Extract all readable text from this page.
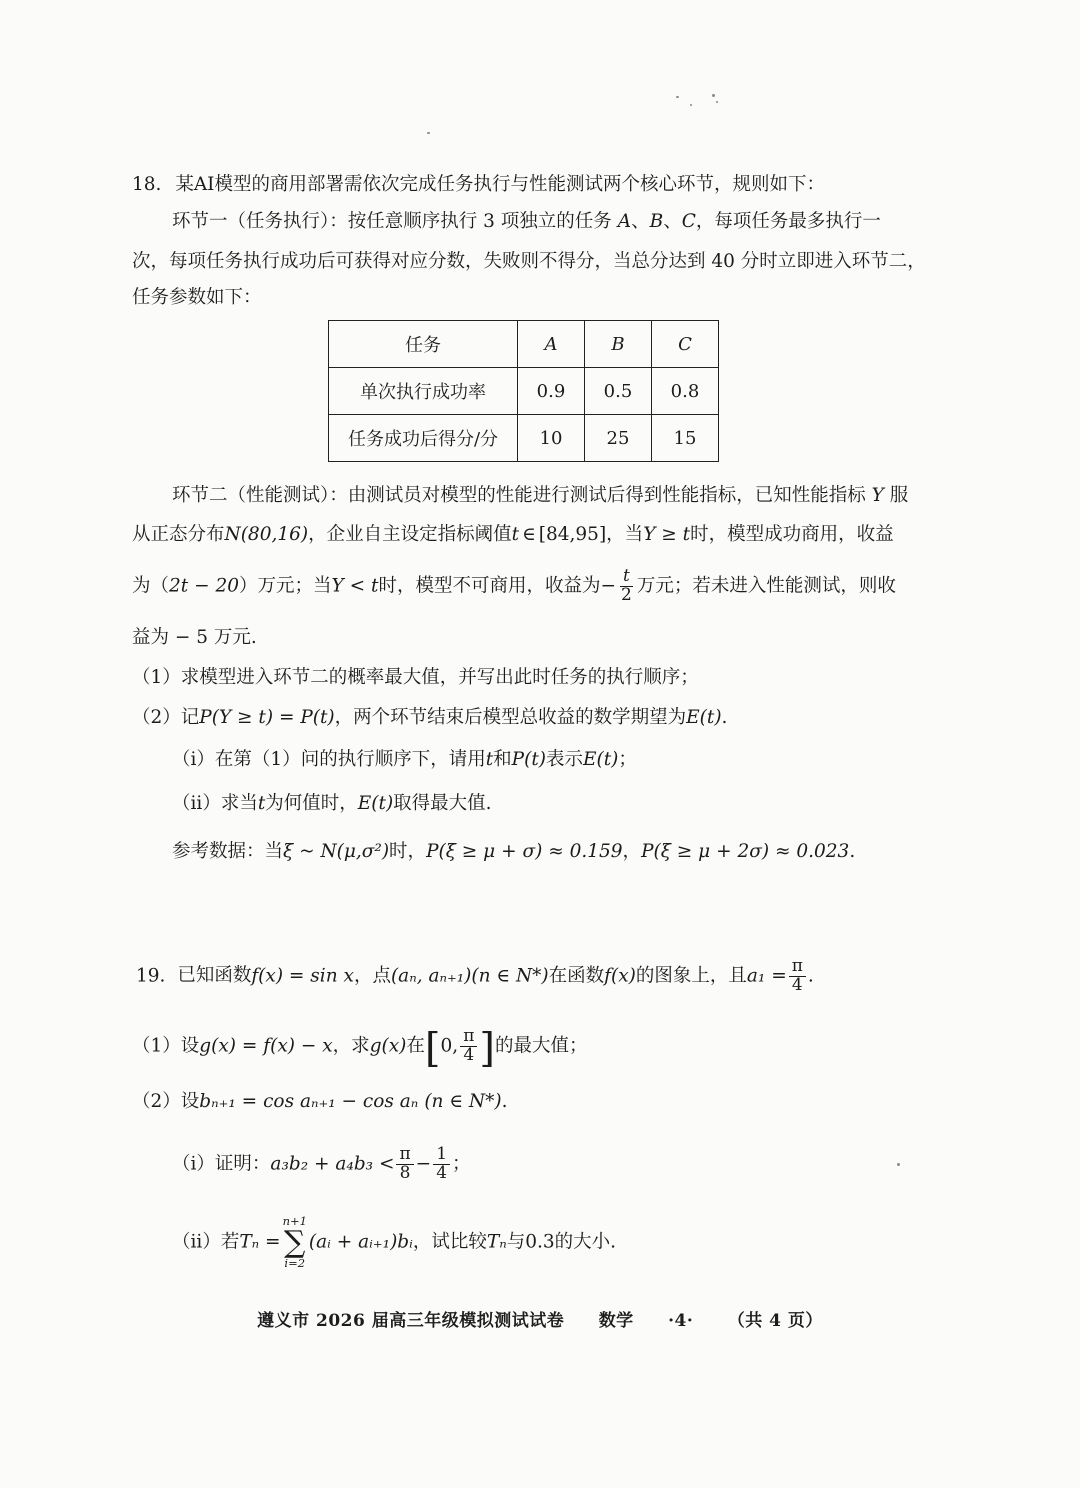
18. 某AI模型的商用部署需依次完成任务执行与性能测试两个核心环节，规则如下：
环节一（任务执行）：按任意顺序执行 3 项独立的任务 A、B、C，每项任务最多执行一
次，每项任务执行成功后可获得对应分数，失败则不得分，当总分达到 40 分时立即进入环节二，
任务参数如下：
任务	A	B	C
单次执行成功率	0.9	0.5	0.8
任务成功后得分/分	10	25	15
环节二（性能测试）：由测试员对模型的性能进行测试后得到性能指标，已知性能指标 Y 服
从正态分布N(80,16)，企业自主设定指标阈值t ∈ [84,95]，当Y ≥ t时，模型成功商用，收益
为（2t − 20）万元；当Y < t时，模型不可商用，收益为− $\frac{t}{2}$ 万元；若未进入性能测试，则收
益为 − 5 万元.
（1）求模型进入环节二的概率最大值，并写出此时任务的执行顺序；
（2）记P(Y ≥ t) = P(t)，两个环节结束后模型总收益的数学期望为E(t).
（i）在第（1）问的执行顺序下，请用t和P(t)表示E(t)；
（ii）求当t为何值时，E(t)取得最大值.
参考数据：当ξ ~ N(μ,σ²)时，P(ξ ≥ μ + σ) ≈ 0.159，P(ξ ≥ μ + 2σ) ≈ 0.023.
19. 已知函数f(x) = sin x，点(aₙ, aₙ₊₁)(n ∈ N*)在函数f(x)的图象上，且$a_1 = \frac{\pi}{4}$ .
（1）设g(x) = f(x) − x，求g(x)在[0, $\frac{\pi}{4}$ ]的最大值；
（2）设bₙ₊₁ = cos aₙ₊₁ − cos aₙ (n ∈ N*).
（i）证明：$a_3b_2 + a_4b_3 < \frac{\pi}{8} - \frac{1}{4}$ ；
（ii）若Tₙ =
n+1
∑
i=2
(aᵢ + aᵢ₊₁)bᵢ，试比较Tₙ与0.3的大小.
遵义市 2026 届高三年级模拟测试试卷 数学 ·4· （共 4 页）
